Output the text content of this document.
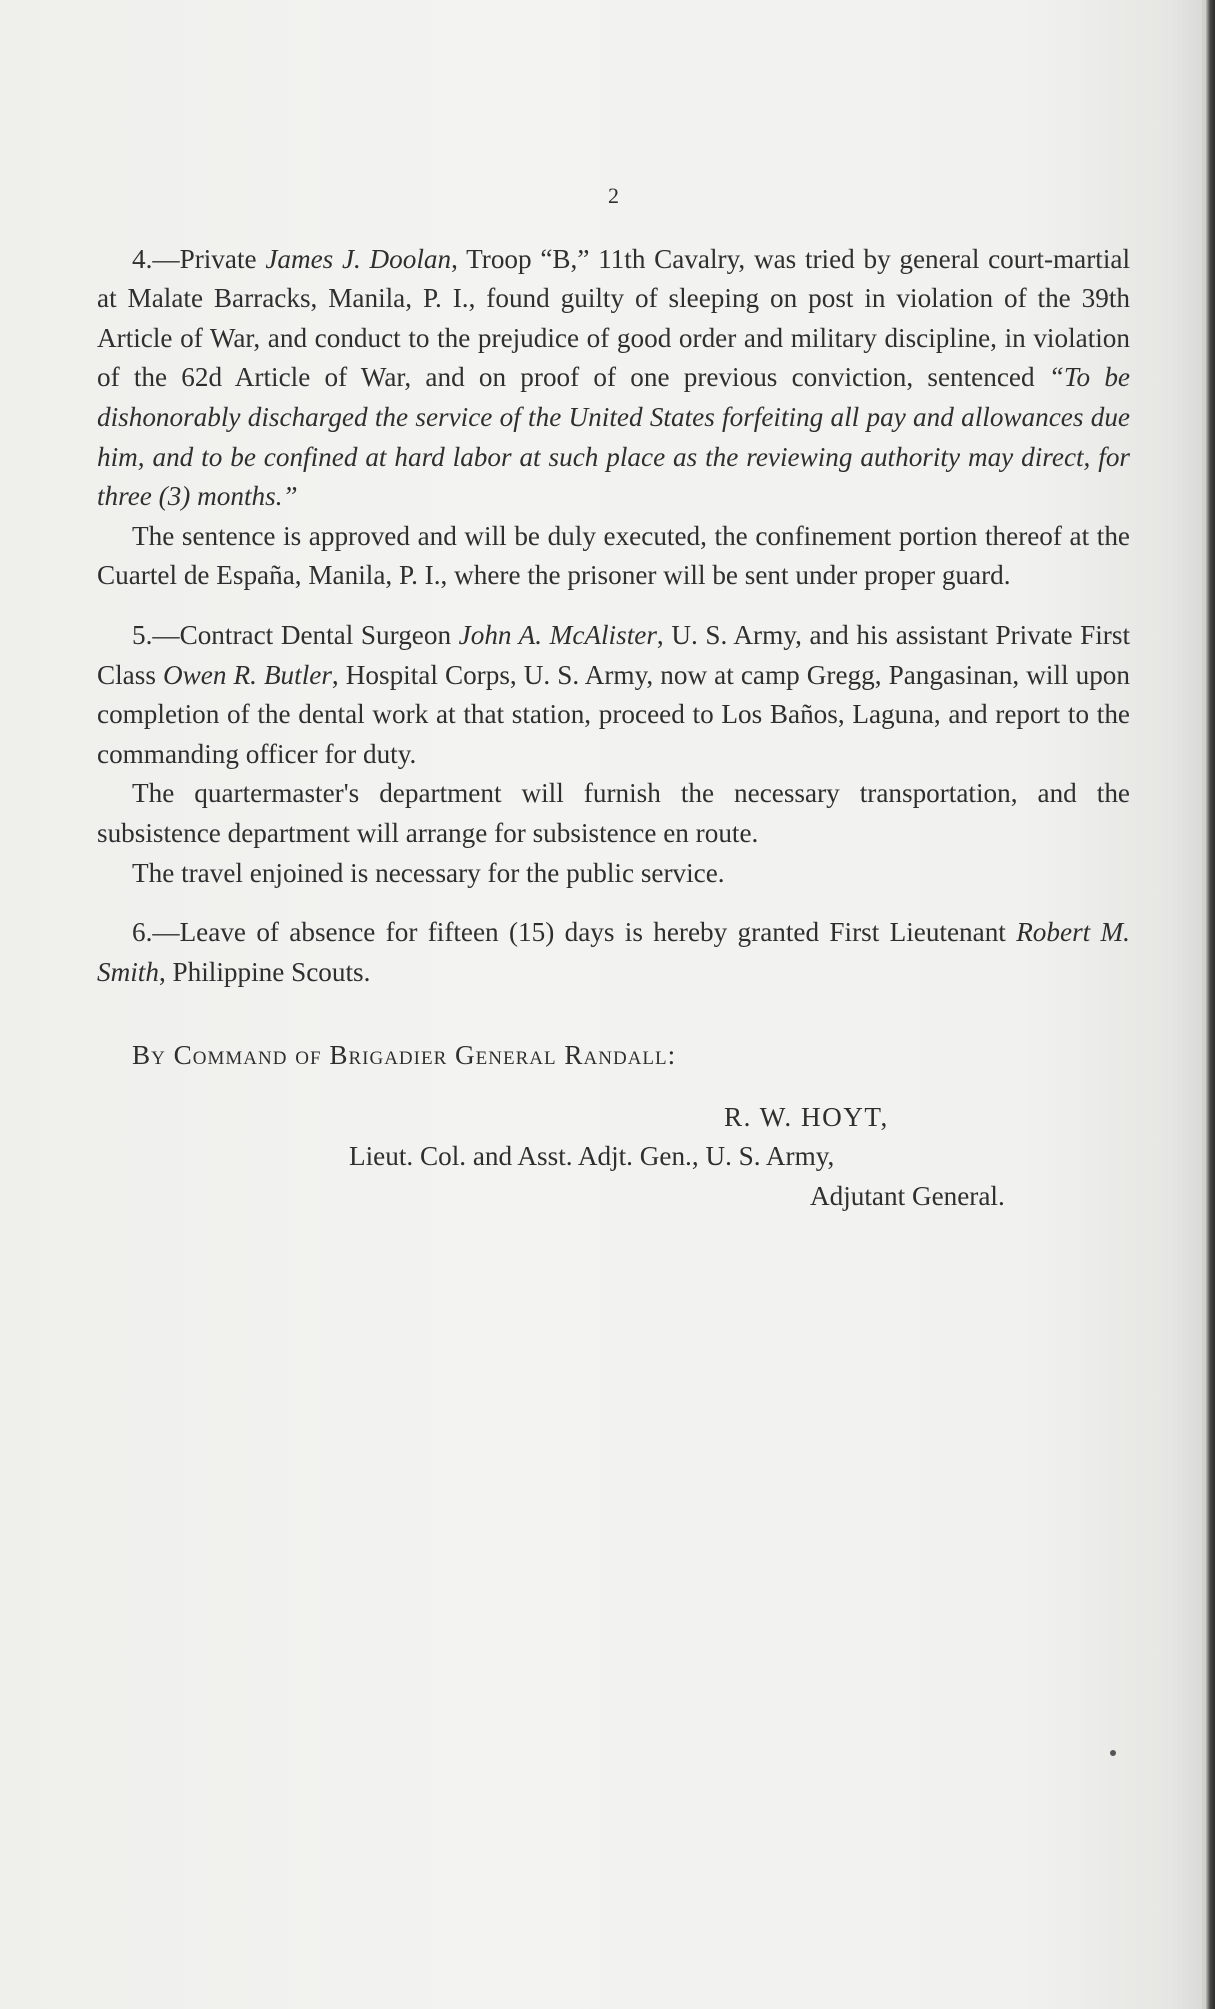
2

4.—Private James J. Doolan, Troop “B,” 11th Cavalry, was tried by general court-martial at Malate Barracks, Manila, P. I., found guilty of sleeping on post in violation of the 39th Article of War, and conduct to the prejudice of good order and military discipline, in violation of the 62d Article of War, and on proof of one previous conviction, sentenced “To be dishonorably discharged the service of the United States forfeiting all pay and allowances due him, and to be confined at hard labor at such place as the reviewing authority may direct, for three (3) months.”

The sentence is approved and will be duly executed, the confinement portion thereof at the Cuartel de España, Manila, P. I., where the prisoner will be sent under proper guard.

5.—Contract Dental Surgeon John A. McAlister, U. S. Army, and his assistant Private First Class Owen R. Butler, Hospital Corps, U. S. Army, now at camp Gregg, Pangasinan, will upon completion of the dental work at that station, proceed to Los Baños, Laguna, and report to the commanding officer for duty.

The quartermaster's department will furnish the necessary transportation, and the subsistence department will arrange for subsistence en route.

The travel enjoined is necessary for the public service.

6.—Leave of absence for fifteen (15) days is hereby granted First Lieutenant Robert M. Smith, Philippine Scouts.

By Command of Brigadier General Randall:
R. W. HOYT,
Lieut. Col. and Asst. Adjt. Gen., U. S. Army,
Adjutant General.
